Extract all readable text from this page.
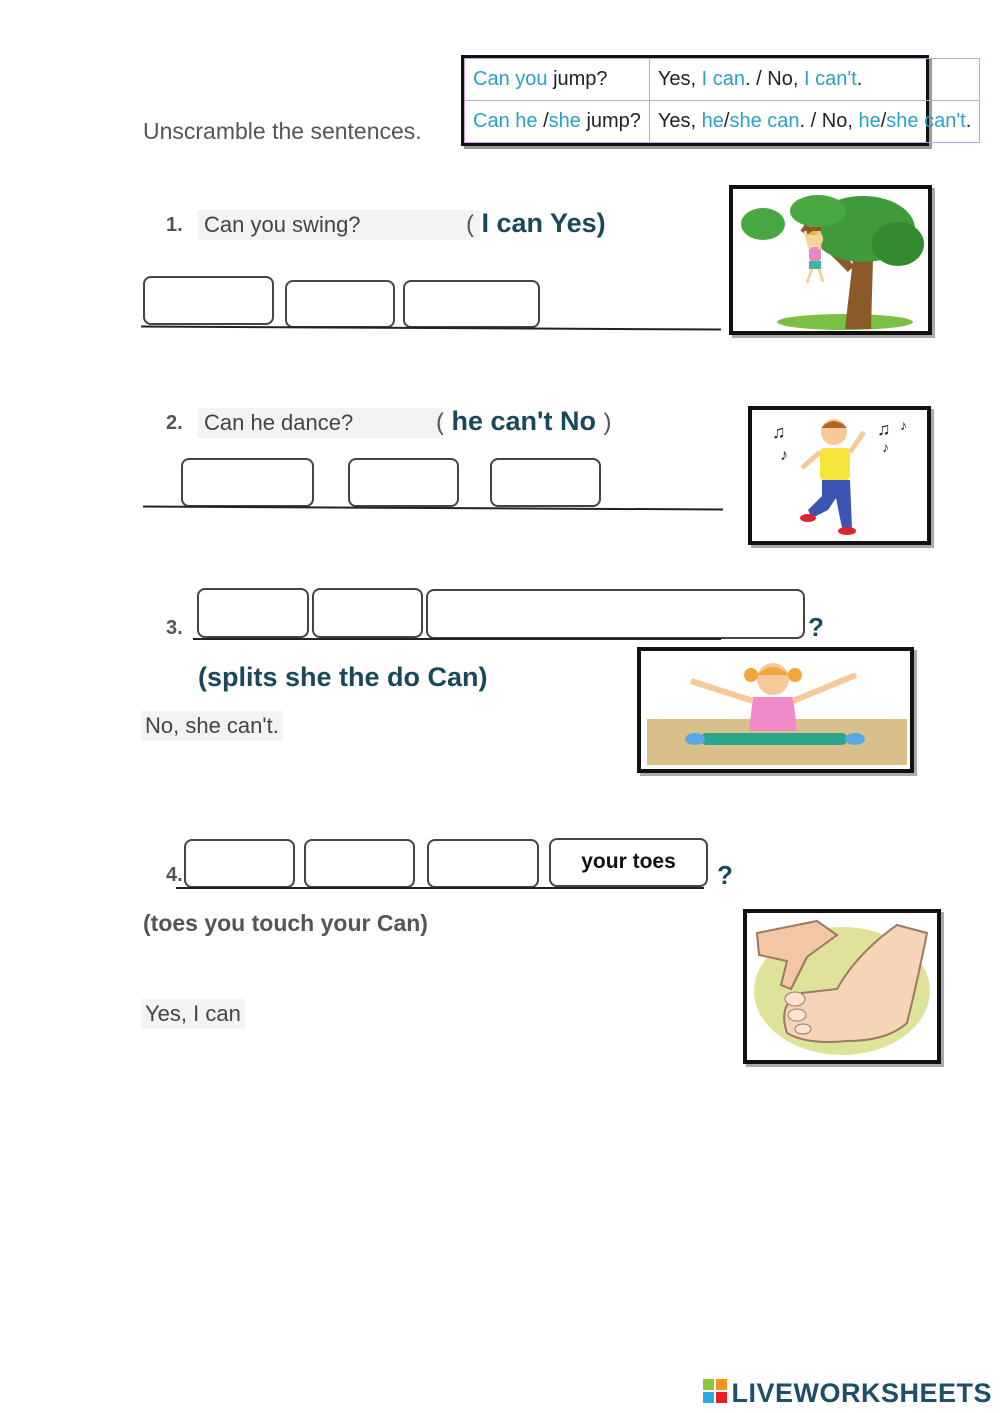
Unscramble the sentences.
Can you jump?	Yes, I can. / No, I can't.
Can he /she jump?	Yes, he/she can. / No, he/she can't.
1. Can you swing?	( I can Yes)
2. Can he dance?	( he can't No )	♫
♪
♫ ♪
♪
3.	?
(splits she the do Can)
No, she can't.
4.
your toes	?
(toes you touch your Can)
Yes, I can
LIVEWORKSHEETS
